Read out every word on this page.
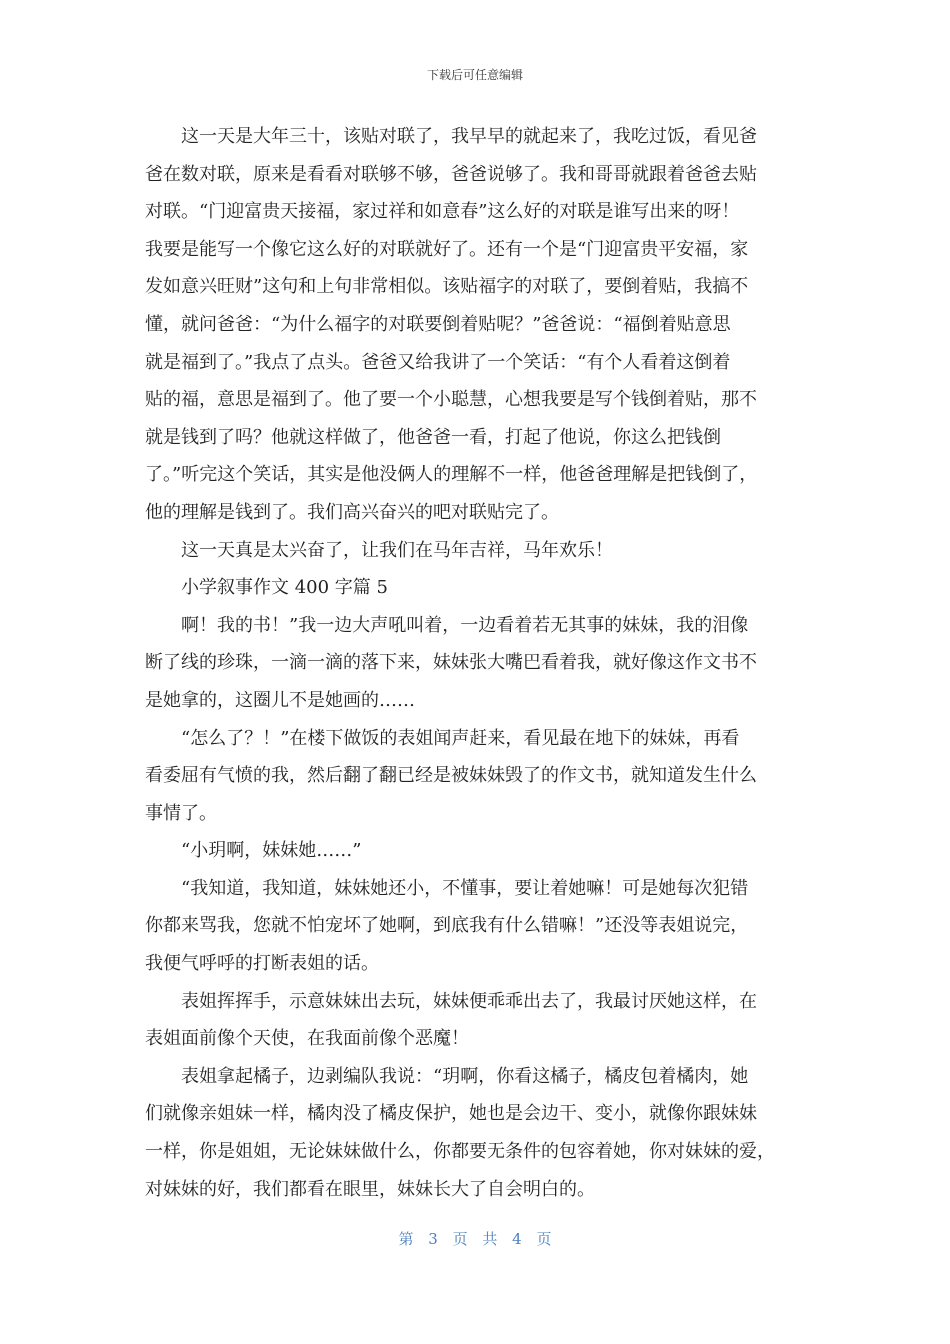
下载后可任意编辑
这一天是大年三十，该贴对联了，我早早的就起来了，我吃过饭，看见爸
爸在数对联，原来是看看对联够不够，爸爸说够了。我和哥哥就跟着爸爸去贴
对联。“门迎富贵天接福，家过祥和如意春”这么好的对联是谁写出来的呀！
我要是能写一个像它这么好的对联就好了。还有一个是“门迎富贵平安福，家
发如意兴旺财”这句和上句非常相似。该贴福字的对联了，要倒着贴，我搞不
懂，就问爸爸：“为什么福字的对联要倒着贴呢？”爸爸说：“福倒着贴意思
就是福到了。”我点了点头。爸爸又给我讲了一个笑话：“有个人看着这倒着
贴的福，意思是福到了。他了要一个小聪慧，心想我要是写个钱倒着贴，那不
就是钱到了吗？他就这样做了，他爸爸一看，打起了他说，你这么把钱倒
了。”听完这个笑话，其实是他没俩人的理解不一样，他爸爸理解是把钱倒了，
他的理解是钱到了。我们高兴奋兴的吧对联贴完了。
这一天真是太兴奋了，让我们在马年吉祥，马年欢乐！
小学叙事作文 400 字篇 5
啊！我的书！”我一边大声吼叫着，一边看着若无其事的妹妹，我的泪像
断了线的珍珠，一滴一滴的落下来，妹妹张大嘴巴看着我，就好像这作文书不
是她拿的，这圈儿不是她画的……
“怎么了？！”在楼下做饭的表姐闻声赶来，看见最在地下的妹妹，再看
看委屈有气愤的我，然后翻了翻已经是被妹妹毁了的作文书，就知道发生什么
事情了。
“小玥啊，妹妹她……”
“我知道，我知道，妹妹她还小，不懂事，要让着她嘛！可是她每次犯错
你都来骂我，您就不怕宠坏了她啊，到底我有什么错嘛！”还没等表姐说完，
我便气呼呼的打断表姐的话。
表姐挥挥手，示意妹妹出去玩，妹妹便乖乖出去了，我最讨厌她这样，在
表姐面前像个天使，在我面前像个恶魔！
表姐拿起橘子，边剥编队我说：“玥啊，你看这橘子，橘皮包着橘肉，她
们就像亲姐妹一样，橘肉没了橘皮保护，她也是会边干、变小，就像你跟妹妹
一样，你是姐姐，无论妹妹做什么，你都要无条件的包容着她，你对妹妹的爱，
对妹妹的好，我们都看在眼里，妹妹长大了自会明白的。
第 3 页 共 4 页
